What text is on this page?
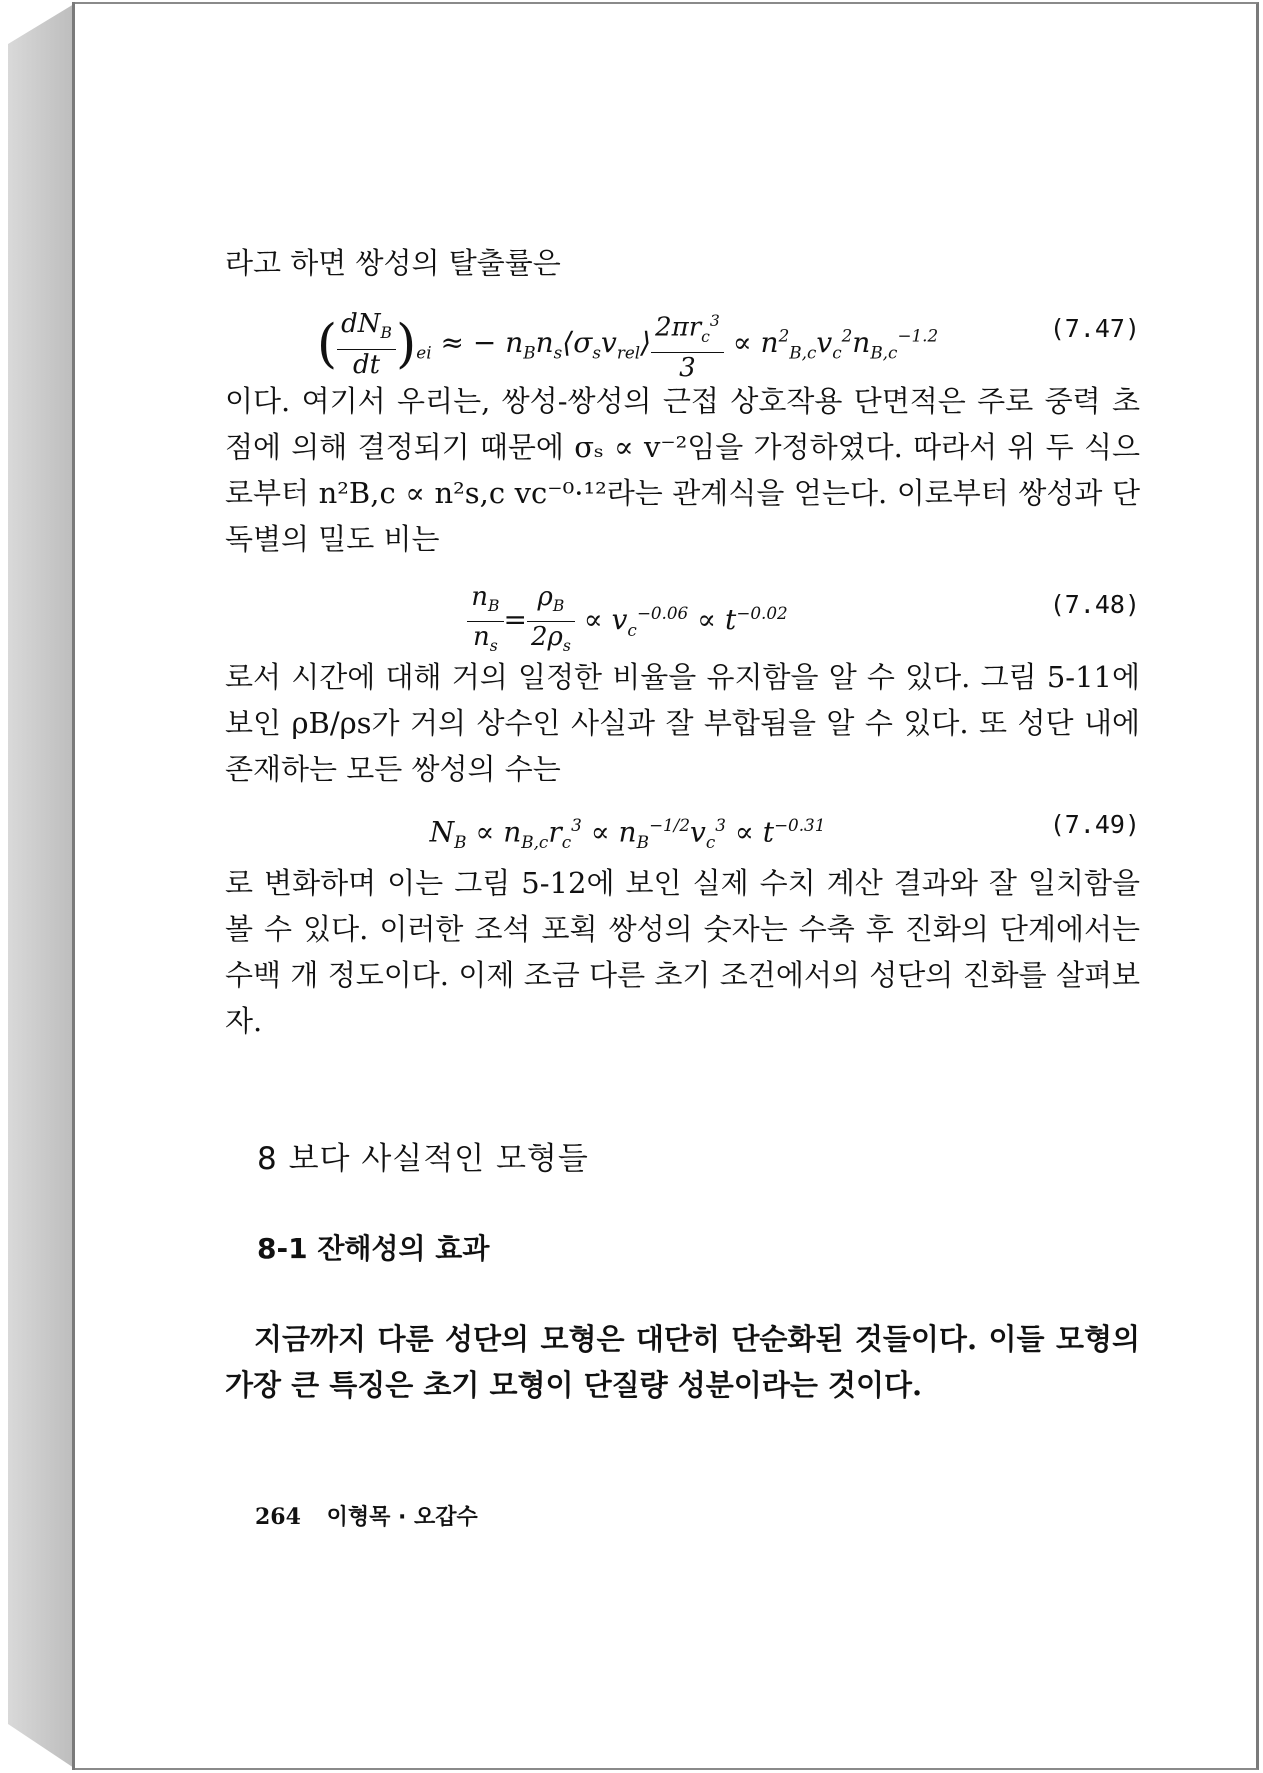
라고 하면 쌍성의 탈출률은

( $\frac{dN_B}{dt} )_{ei}$ ≈ − $n_Bn_s⟨\sigma_sv_{rel}⟩ \frac{2\pi r_c^3}{3} \propto n^2_{B,c}v_c^2n_{B,c}^{-1.2}$	(7.47)

이다. 여기서 우리는, 쌍성-쌍성의 근접 상호작용 단면적은 주로 중력 초점에 의해 결정되기 때문에 σₛ ∝ v⁻²임을 가정하였다. 따라서 위 두 식으로부터 n²B,c ∝ n²s,c vc⁻⁰·¹²라는 관계식을 얻는다. 이로부터 쌍성과 단독별의 밀도 비는

$\frac{n_B}{n_s} = \frac{\rho_B}{2\rho_s} \propto v_c^{-0.06} \propto t^{-0.02}$	(7.48)

로서 시간에 대해 거의 일정한 비율을 유지함을 알 수 있다. 그림 5-11에 보인 ρB/ρs가 거의 상수인 사실과 잘 부합됨을 알 수 있다. 또 성단 내에 존재하는 모든 쌍성의 수는

$N_B \propto n_{B,c}r_c^3 \propto n_B^{-1/2}v_c^3 \propto t^{-0.31}$	(7.49)

로 변화하며 이는 그림 5-12에 보인 실제 수치 계산 결과와 잘 일치함을 볼 수 있다. 이러한 조석 포획 쌍성의 숫자는 수축 후 진화의 단계에서는 수백 개 정도이다. 이제 조금 다른 초기 조건에서의 성단의 진화를 살펴보자.

8 보다 사실적인 모형들
8-1 잔해성의 효과

지금까지 다룬 성단의 모형은 대단히 단순화된 것들이다. 이들 모형의 가장 큰 특징은 초기 모형이 단질량 성분이라는 것이다.

264 이형목 · 오갑수
